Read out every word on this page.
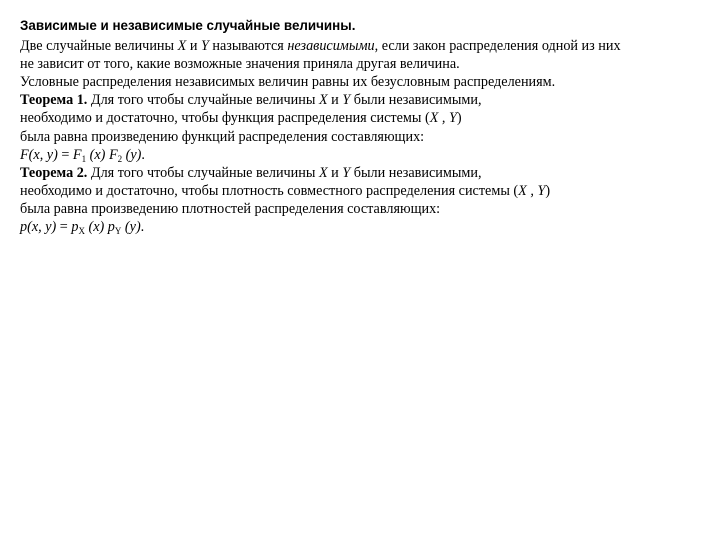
Зависимые и независимые случайные величины.
Две случайные величины X и Y называются независимыми, если закон распределения одной из них
не зависит от того, какие возможные значения приняла другая величина.
Условные распределения независимых величин равны их безусловным распределениям.
Теорема 1. Для того чтобы случайные величины X и Y были независимыми,
необходимо и достаточно, чтобы функция распределения системы (X , Y)
была равна произведению функций распределения составляющих:
F(x, $y) = F_1$ (x) $F_2$ (y).
Теорема 2. Для того чтобы случайные величины X и Y были независимыми,
необходимо и достаточно, чтобы плотность совместного распределения системы (X , Y)
была равна произведению плотностей распределения составляющих:
p(x, $y) = p_X$ (x) $p_Y$ (y).
